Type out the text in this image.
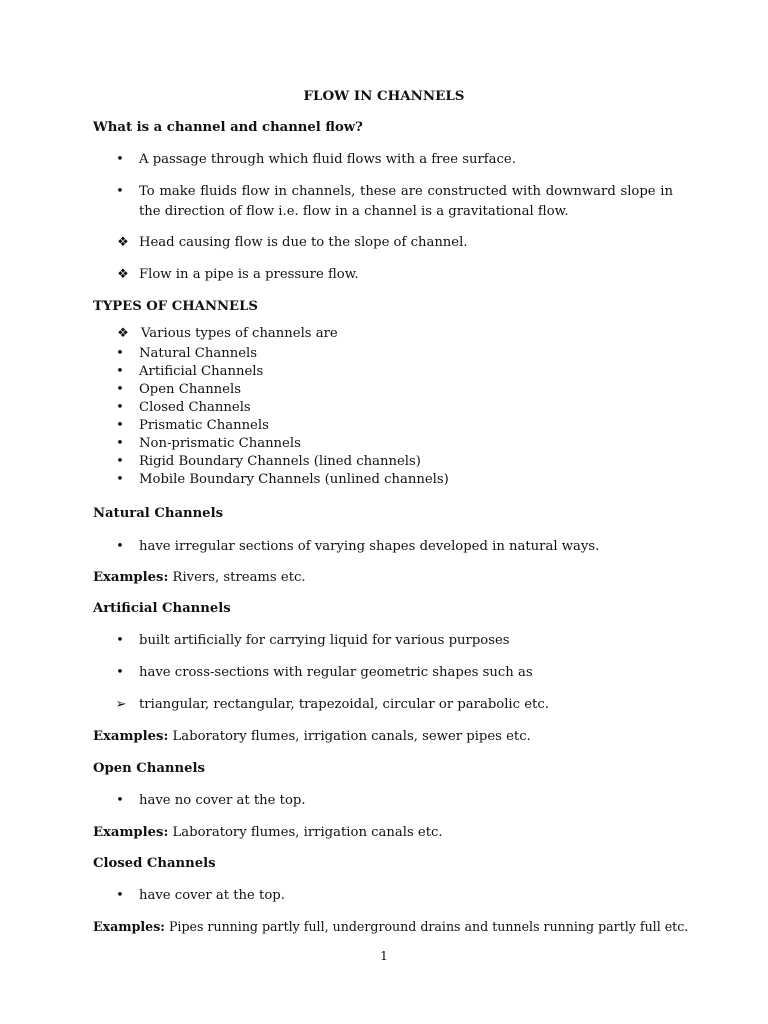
FLOW IN CHANNELS
What is a channel and channel flow?
•	A passage through which fluid flows with a free surface.
•	To make fluids flow in channels, these are constructed with downward slope in
the direction of flow i.e. flow in a channel is a gravitational flow.
❖ Head causing flow is due to the slope of channel.
❖ Flow in a pipe is a pressure flow.
TYPES OF CHANNELS
❖ Various types of channels are
•	Natural Channels
•	Artificial Channels
•	Open Channels
•	Closed Channels
•	Prismatic Channels
•	Non-prismatic Channels
•	Rigid Boundary Channels (lined channels)
•	Mobile Boundary Channels (unlined channels)
Natural Channels
•	have irregular sections of varying shapes developed in natural ways.
Examples: Rivers, streams etc.
Artificial Channels
•	built artificially for carrying liquid for various purposes
•	have cross-sections with regular geometric shapes such as
➢ triangular, rectangular, trapezoidal, circular or parabolic etc.
Examples: Laboratory flumes, irrigation canals, sewer pipes etc.
Open Channels
•	have no cover at the top.
Examples: Laboratory flumes, irrigation canals etc.
Closed Channels
•	have cover at the top.
Examples: Pipes running partly full, underground drains and tunnels running partly full etc.
1
